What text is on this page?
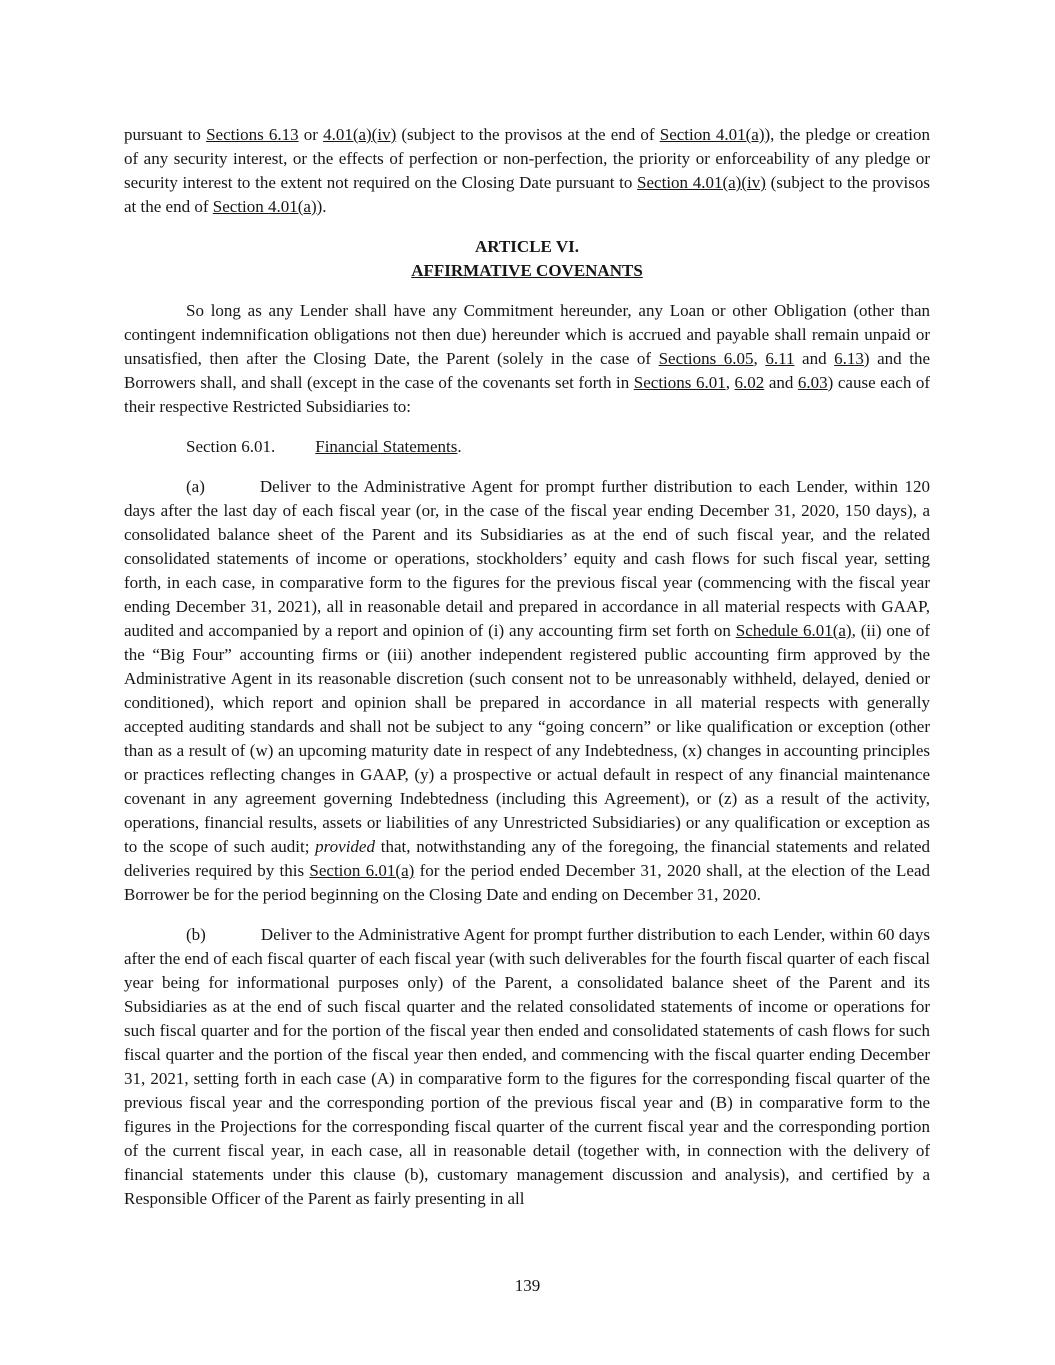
pursuant to Sections 6.13 or 4.01(a)(iv) (subject to the provisos at the end of Section 4.01(a)), the pledge or creation of any security interest, or the effects of perfection or non-perfection, the priority or enforceability of any pledge or security interest to the extent not required on the Closing Date pursuant to Section 4.01(a)(iv) (subject to the provisos at the end of Section 4.01(a)).

ARTICLE VI.
AFFIRMATIVE COVENANTS

So long as any Lender shall have any Commitment hereunder, any Loan or other Obligation (other than contingent indemnification obligations not then due) hereunder which is accrued and payable shall remain unpaid or unsatisfied, then after the Closing Date, the Parent (solely in the case of Sections 6.05, 6.11 and 6.13) and the Borrowers shall, and shall (except in the case of the covenants set forth in Sections 6.01, 6.02 and 6.03) cause each of their respective Restricted Subsidiaries to:

Section 6.01. Financial Statements.

(a)	Deliver to the Administrative Agent for prompt further distribution to each Lender, within 120 days after the last day of each fiscal year (or, in the case of the fiscal year ending December 31, 2020, 150 days), a consolidated balance sheet of the Parent and its Subsidiaries as at the end of such fiscal year, and the related consolidated statements of income or operations, stockholders’ equity and cash flows for such fiscal year, setting forth, in each case, in comparative form to the figures for the previous fiscal year (commencing with the fiscal year ending December 31, 2021), all in reasonable detail and prepared in accordance in all material respects with GAAP, audited and accompanied by a report and opinion of (i) any accounting firm set forth on Schedule 6.01(a), (ii) one of the “Big Four” accounting firms or (iii) another independent registered public accounting firm approved by the Administrative Agent in its reasonable discretion (such consent not to be unreasonably withheld, delayed, denied or conditioned), which report and opinion shall be prepared in accordance in all material respects with generally accepted auditing standards and shall not be subject to any “going concern” or like qualification or exception (other than as a result of (w) an upcoming maturity date in respect of any Indebtedness, (x) changes in accounting principles or practices reflecting changes in GAAP, (y) a prospective or actual default in respect of any financial maintenance covenant in any agreement governing Indebtedness (including this Agreement), or (z) as a result of the activity, operations, financial results, assets or liabilities of any Unrestricted Subsidiaries) or any qualification or exception as to the scope of such audit; provided that, notwithstanding any of the foregoing, the financial statements and related deliveries required by this Section 6.01(a) for the period ended December 31, 2020 shall, at the election of the Lead Borrower be for the period beginning on the Closing Date and ending on December 31, 2020.

(b)	Deliver to the Administrative Agent for prompt further distribution to each Lender, within 60 days after the end of each fiscal quarter of each fiscal year (with such deliverables for the fourth fiscal quarter of each fiscal year being for informational purposes only) of the Parent, a consolidated balance sheet of the Parent and its Subsidiaries as at the end of such fiscal quarter and the related consolidated statements of income or operations for such fiscal quarter and for the portion of the fiscal year then ended and consolidated statements of cash flows for such fiscal quarter and the portion of the fiscal year then ended, and commencing with the fiscal quarter ending December 31, 2021, setting forth in each case (A) in comparative form to the figures for the corresponding fiscal quarter of the previous fiscal year and the corresponding portion of the previous fiscal year and (B) in comparative form to the figures in the Projections for the corresponding fiscal quarter of the current fiscal year and the corresponding portion of the current fiscal year, in each case, all in reasonable detail (together with, in connection with the delivery of financial statements under this clause (b), customary management discussion and analysis), and certified by a Responsible Officer of the Parent as fairly presenting in all

139
